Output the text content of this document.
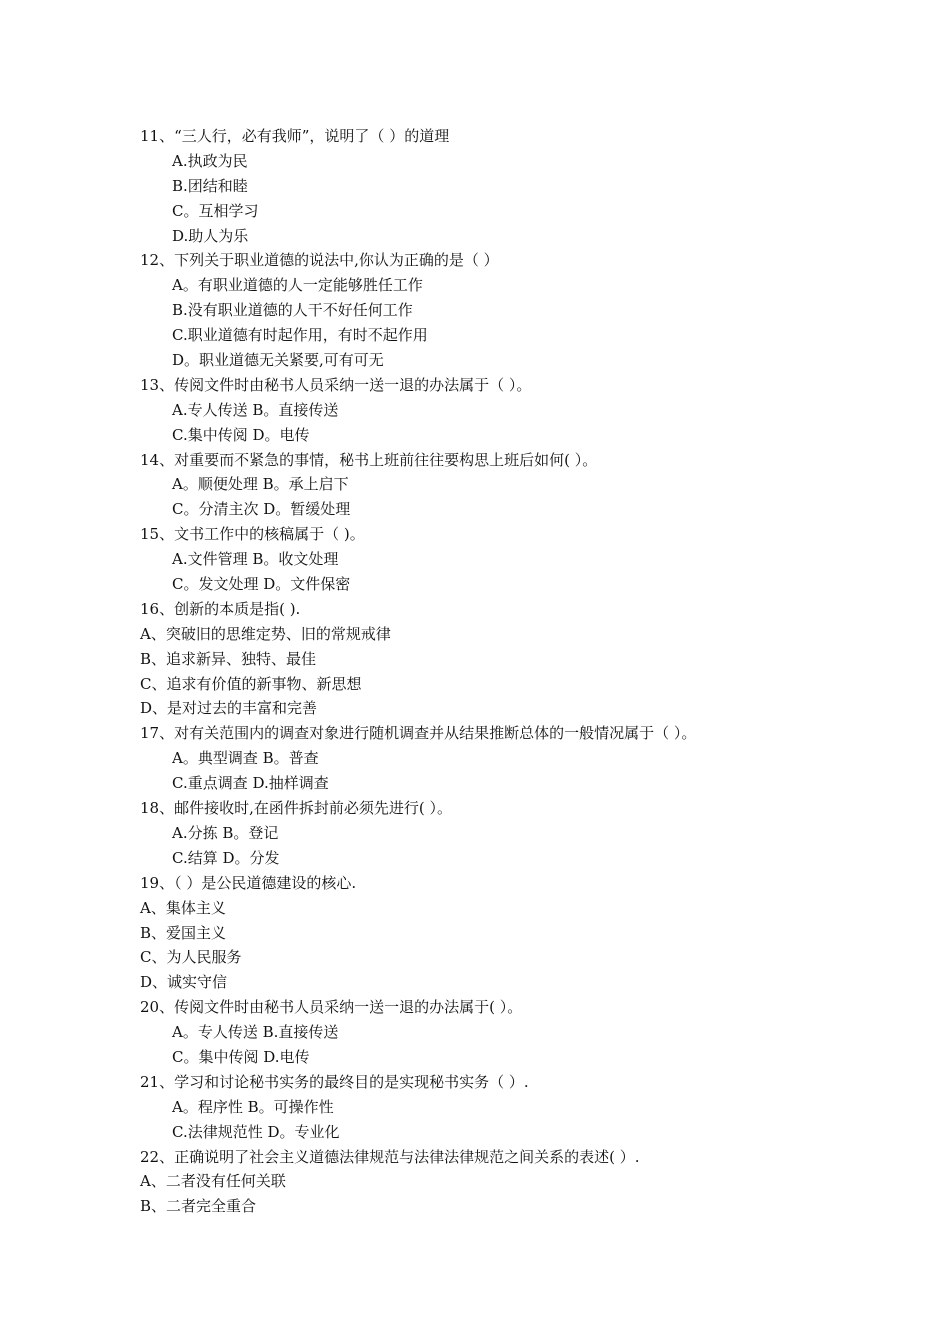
11、“三人行，必有我师”，说明了（ ）的道理
A.执政为民
B.团结和睦
C。互相学习
D.助人为乐
12、下列关于职业道德的说法中,你认为正确的是（ ）
A。有职业道德的人一定能够胜任工作
B.没有职业道德的人干不好任何工作
C.职业道德有时起作用，有时不起作用
D。职业道德无关紧要,可有可无
13、传阅文件时由秘书人员采纳一送一退的办法属于（ ）。
A.专人传送 B。直接传送
C.集中传阅 D。电传
14、对重要而不紧急的事情，秘书上班前往往要构思上班后如何( ）。
A。顺便处理 B。承上启下
C。分清主次 D。暂缓处理
15、文书工作中的核稿属于（ )。
A.文件管理 B。收文处理
C。发文处理 D。文件保密
16、创新的本质是指( ).
A、突破旧的思维定势、旧的常规戒律
B、追求新异、独特、最佳
C、追求有价值的新事物、新思想
D、是对过去的丰富和完善
17、对有关范围内的调查对象进行随机调查并从结果推断总体的一般情况属于（ ）。
A。典型调查 B。普查
C.重点调查 D.抽样调查
18、邮件接收时,在函件拆封前必须先进行( ）。
A.分拣 B。登记
C.结算 D。分发
19、（ ）是公民道德建设的核心.
A、集体主义
B、爱国主义
C、为人民服务
D、诚实守信
20、传阅文件时由秘书人员采纳一送一退的办法属于( ）。
A。专人传送 B.直接传送
C。集中传阅 D.电传
21、学习和讨论秘书实务的最终目的是实现秘书实务（ ）.
A。程序性 B。可操作性
C.法律规范性 D。专业化
22、正确说明了社会主义道德法律规范与法律法律规范之间关系的表述( ）.
A、二者没有任何关联
B、二者完全重合
